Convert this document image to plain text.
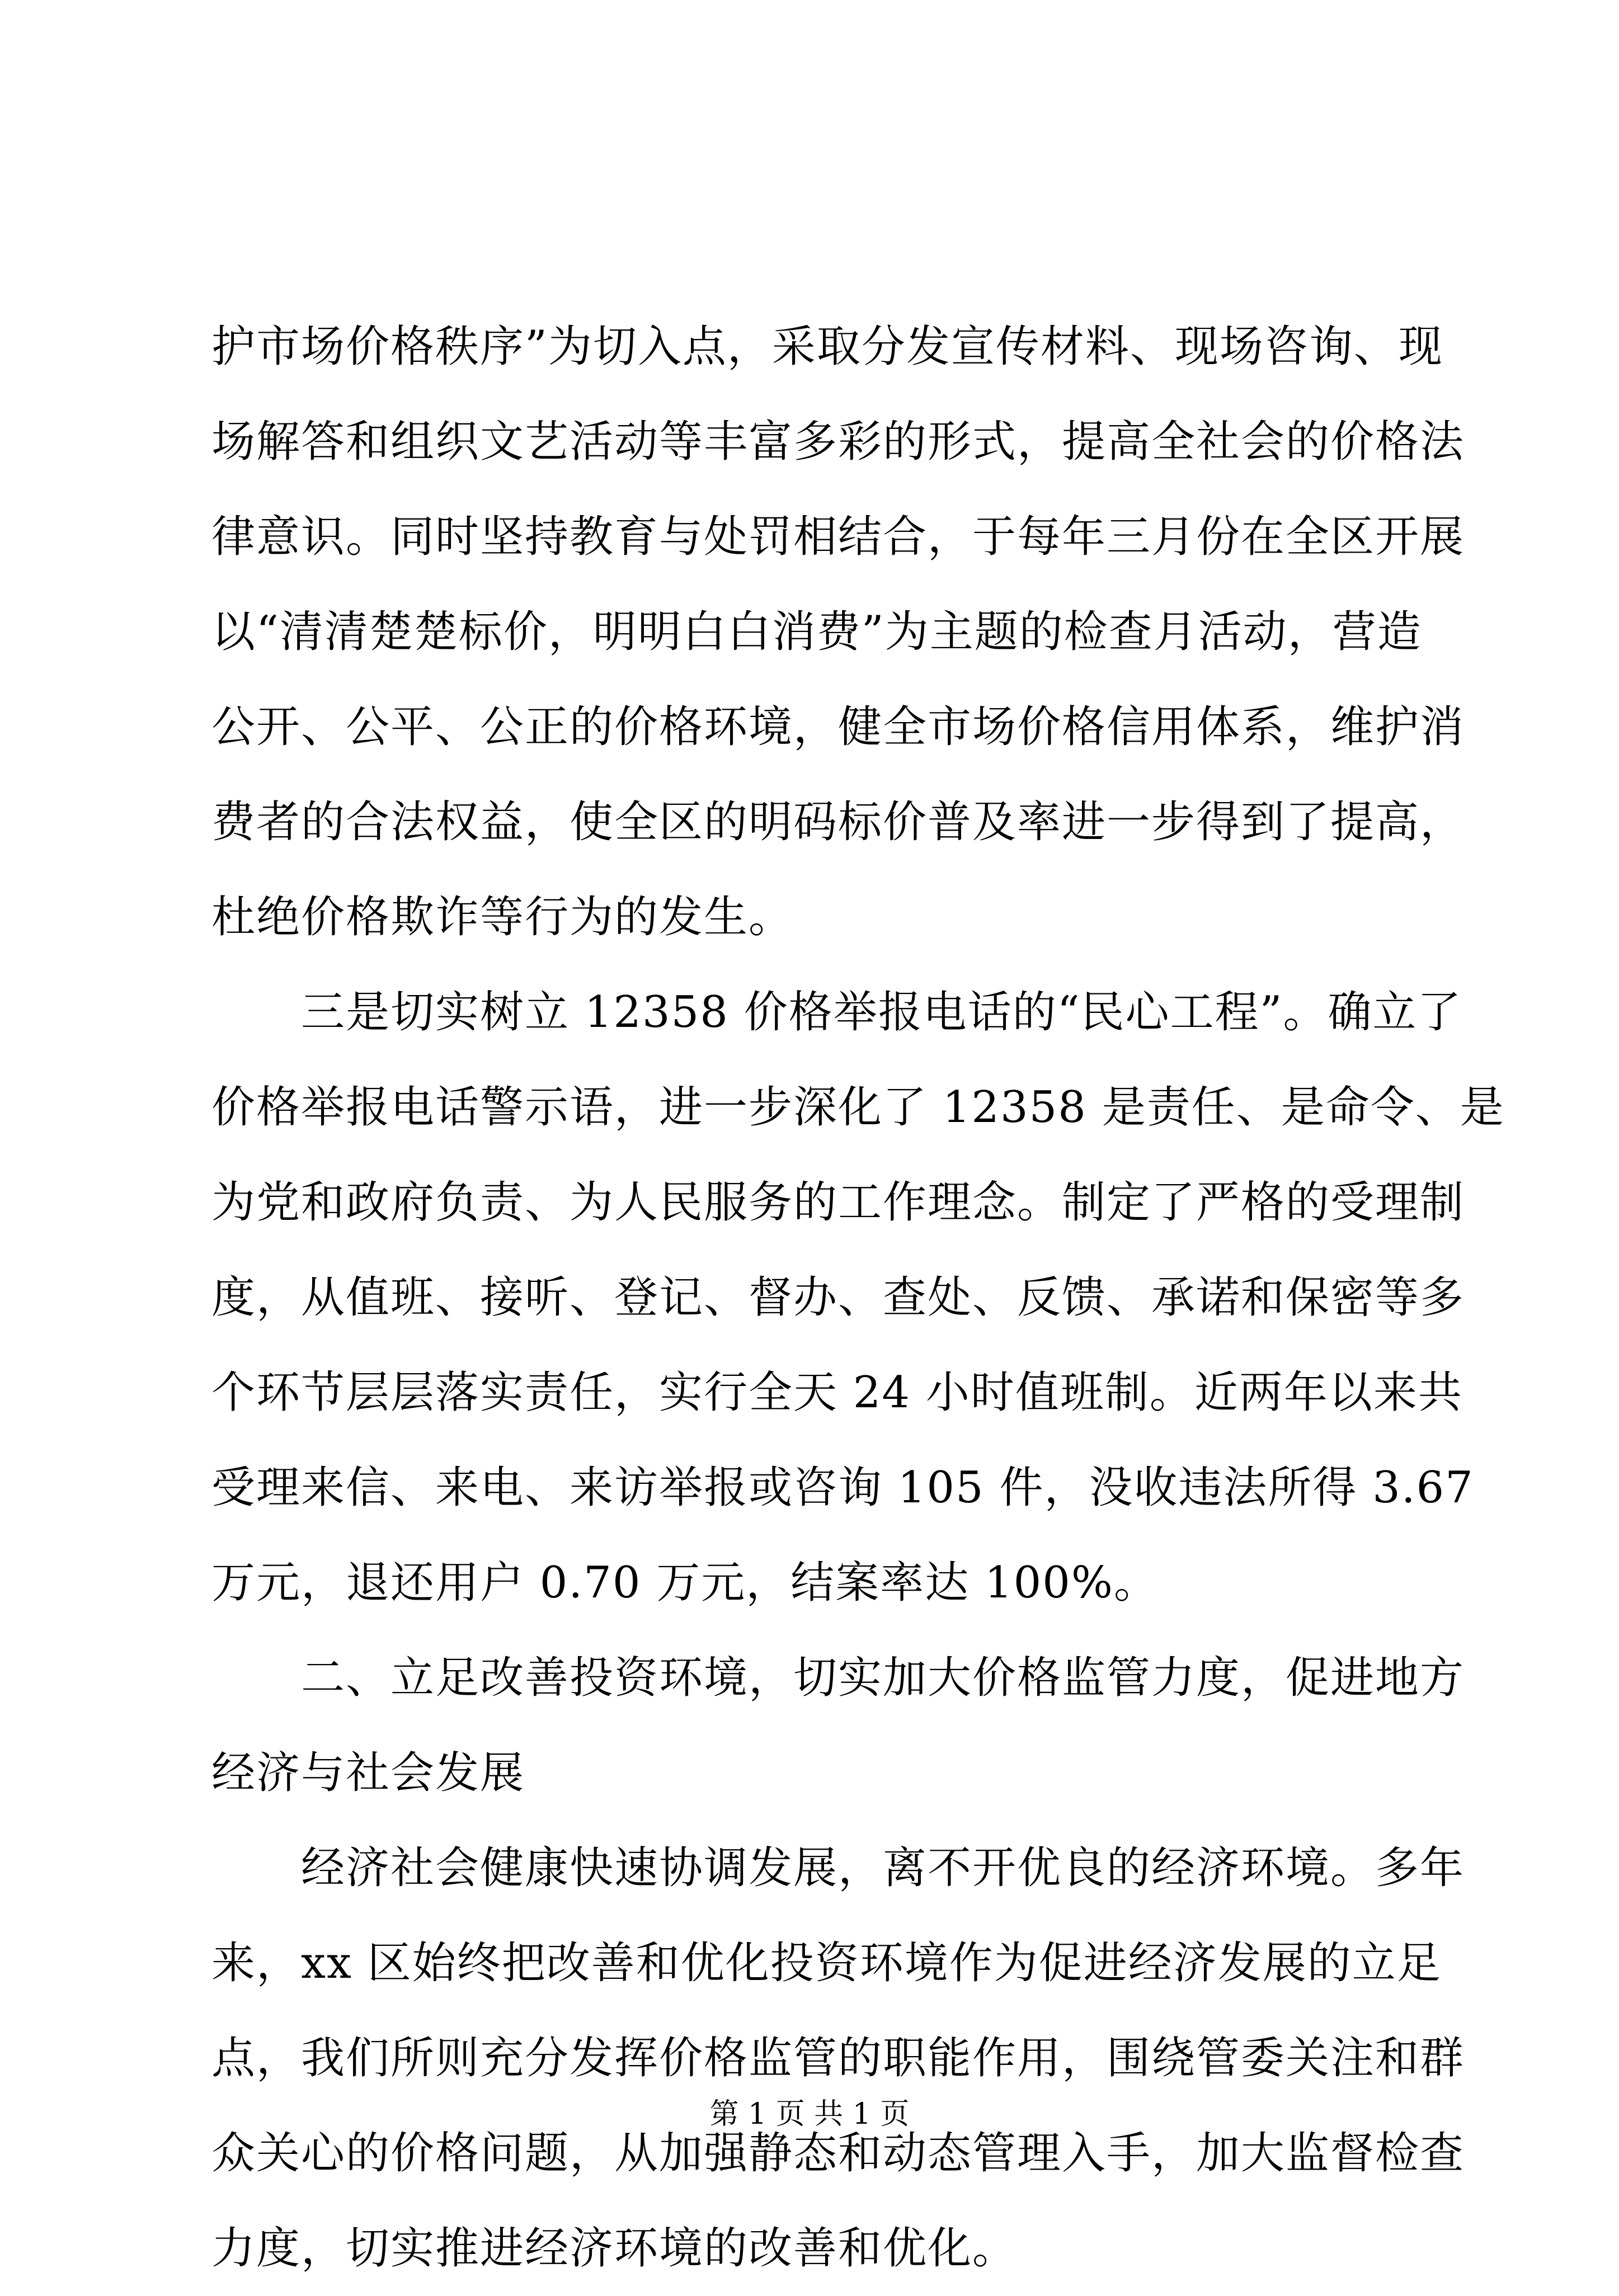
护市场价格秩序”为切入点，采取分发宣传材料、现场咨询、现
场解答和组织文艺活动等丰富多彩的形式，提高全社会的价格法
律意识。同时坚持教育与处罚相结合，于每年三月份在全区开展
以“清清楚楚标价，明明白白消费”为主题的检查月活动，营造
公开、公平、公正的价格环境，健全市场价格信用体系，维护消
费者的合法权益，使全区的明码标价普及率进一步得到了提高，
杜绝价格欺诈等行为的发生。
三是切实树立 12358 价格举报电话的“民心工程”。确立了
价格举报电话警示语，进一步深化了 12358 是责任、是命令、是
为党和政府负责、为人民服务的工作理念。制定了严格的受理制
度，从值班、接听、登记、督办、查处、反馈、承诺和保密等多
个环节层层落实责任，实行全天 24 小时值班制。近两年以来共
受理来信、来电、来访举报或咨询 105 件，没收违法所得 3.67
万元，退还用户 0.70 万元，结案率达 100%。
二、立足改善投资环境，切实加大价格监管力度，促进地方
经济与社会发展
经济社会健康快速协调发展，离不开优良的经济环境。多年
来，xx 区始终把改善和优化投资环境作为促进经济发展的立足
点，我们所则充分发挥价格监管的职能作用，围绕管委关注和群
众关心的价格问题，从加强静态和动态管理入手，加大监督检查
力度，切实推进经济环境的改善和优化。
第 1 页 共 1 页
